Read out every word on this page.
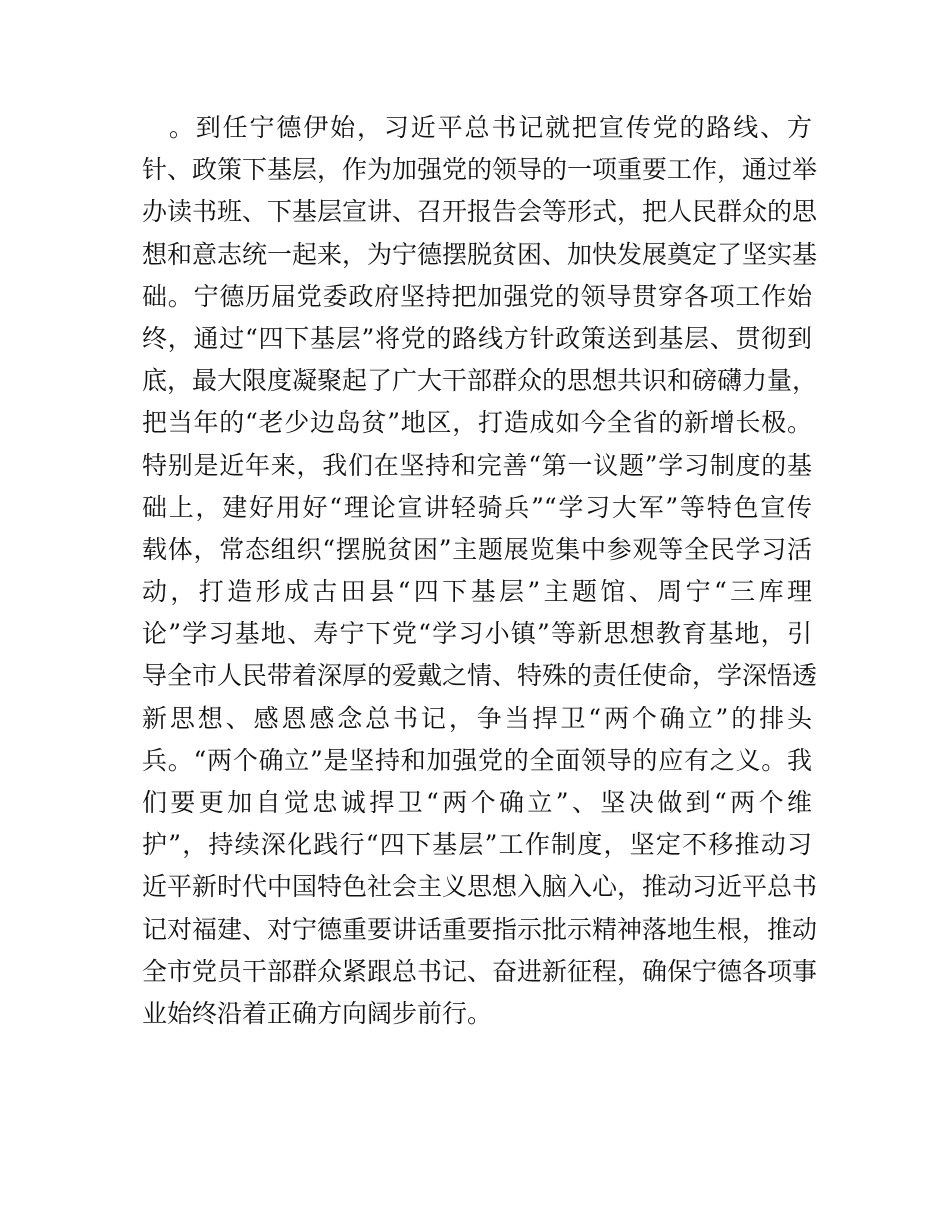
　。到任宁德伊始，习近平总书记就把宣传党的路线、方
针、政策下基层，作为加强党的领导的一项重要工作，通过举
办读书班、下基层宣讲、召开报告会等形式，把人民群众的思
想和意志统一起来，为宁德摆脱贫困、加快发展奠定了坚实基
础。宁德历届党委政府坚持把加强党的领导贯穿各项工作始
终，通过“四下基层”将党的路线方针政策送到基层、贯彻到
底，最大限度凝聚起了广大干部群众的思想共识和磅礴力量，
把当年的“老少边岛贫”地区，打造成如今全省的新增长极。
特别是近年来，我们在坚持和完善“第一议题”学习制度的基
础上，建好用好“理论宣讲轻骑兵”“学习大军”等特色宣传
载体，常态组织“摆脱贫困”主题展览集中参观等全民学习活
动，打造形成古田县“四下基层”主题馆、周宁“三库理
论”学习基地、寿宁下党“学习小镇”等新思想教育基地，引
导全市人民带着深厚的爱戴之情、特殊的责任使命，学深悟透
新思想、感恩感念总书记，争当捍卫“两个确立”的排头
兵。“两个确立”是坚持和加强党的全面领导的应有之义。我
们要更加自觉忠诚捍卫“两个确立”、坚决做到“两个维
护”，持续深化践行“四下基层”工作制度，坚定不移推动习
近平新时代中国特色社会主义思想入脑入心，推动习近平总书
记对福建、对宁德重要讲话重要指示批示精神落地生根，推动
全市党员干部群众紧跟总书记、奋进新征程，确保宁德各项事
业始终沿着正确方向阔步前行。
